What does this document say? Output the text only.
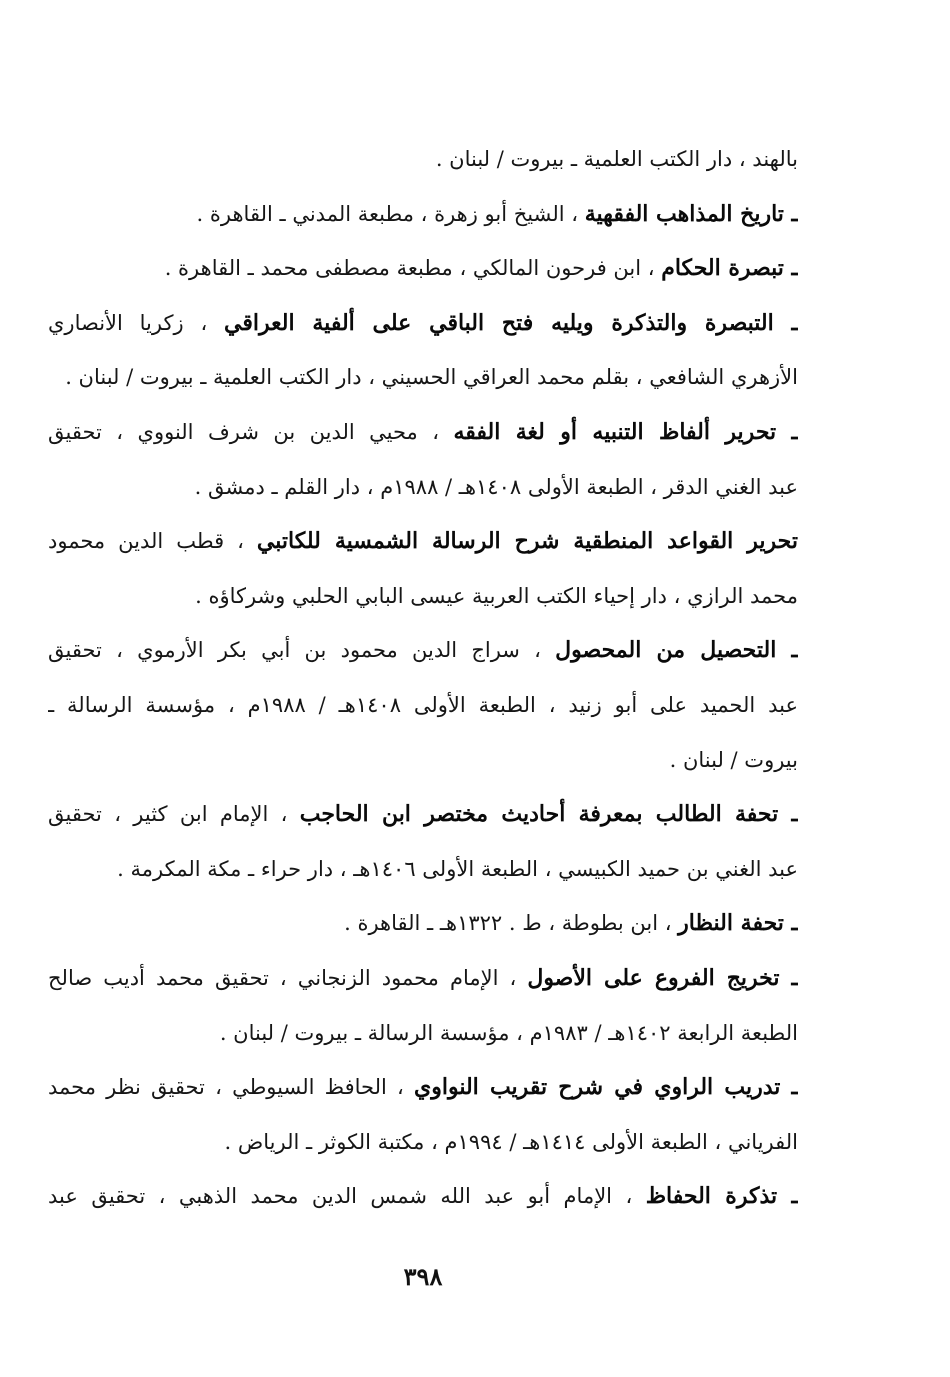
بالهند ، دار الكتب العلمية ـ بيروت / لبنان .
ـ تاريخ المذاهب الفقهية ، الشيخ أبو زهرة ، مطبعة المدني ـ القاهرة .
ـ تبصرة الحكام ، ابن فرحون المالكي ، مطبعة مصطفى محمد ـ القاهرة .
ـ التبصرة والتذكرة ويليه فتح الباقي على ألفية العراقي ، زكريا الأنصاري
الأزهري الشافعي ، بقلم محمد العراقي الحسيني ، دار الكتب العلمية ـ بيروت / لبنان .
ـ تحرير ألفاظ التنبيه أو لغة الفقه ، محيي الدين بن شرف النووي ، تحقيق
عبد الغني الدقر ، الطبعة الأولى ١٤٠٨هـ / ١٩٨٨م ، دار القلم ـ دمشق .
تحرير القواعد المنطقية شرح الرسالة الشمسية للكاتبي ، قطب الدين محمود
محمد الرازي ، دار إحياء الكتب العربية عيسى البابي الحلبي وشركاؤه .
ـ التحصيل من المحصول ، سراج الدين محمود بن أبي بكر الأرموي ، تحقيق
عبد الحميد على أبو زنيد ، الطبعة الأولى ١٤٠٨هـ / ١٩٨٨م ، مؤسسة الرسالة ـ
بيروت / لبنان .
ـ تحفة الطالب بمعرفة أحاديث مختصر ابن الحاجب ، الإمام ابن كثير ، تحقيق
عبد الغني بن حميد الكبيسي ، الطبعة الأولى ١٤٠٦هـ ، دار حراء ـ مكة المكرمة .
ـ تحفة النظار ، ابن بطوطة ، ط . ١٣٢٢هـ ـ القاهرة .
ـ تخريج الفروع على الأصول ، الإمام محمود الزنجاني ، تحقيق محمد أديب صالح
الطبعة الرابعة ١٤٠٢هـ / ١٩٨٣م ، مؤسسة الرسالة ـ بيروت / لبنان .
ـ تدريب الراوي في شرح تقريب النواوي ، الحافظ السيوطي ، تحقيق نظر محمد
الفرياني ، الطبعة الأولى ١٤١٤هـ / ١٩٩٤م ، مكتبة الكوثر ـ الرياض .
ـ تذكرة الحفاظ ، الإمام أبو عبد الله شمس الدين محمد الذهبي ، تحقيق عبد
٣٩٨
